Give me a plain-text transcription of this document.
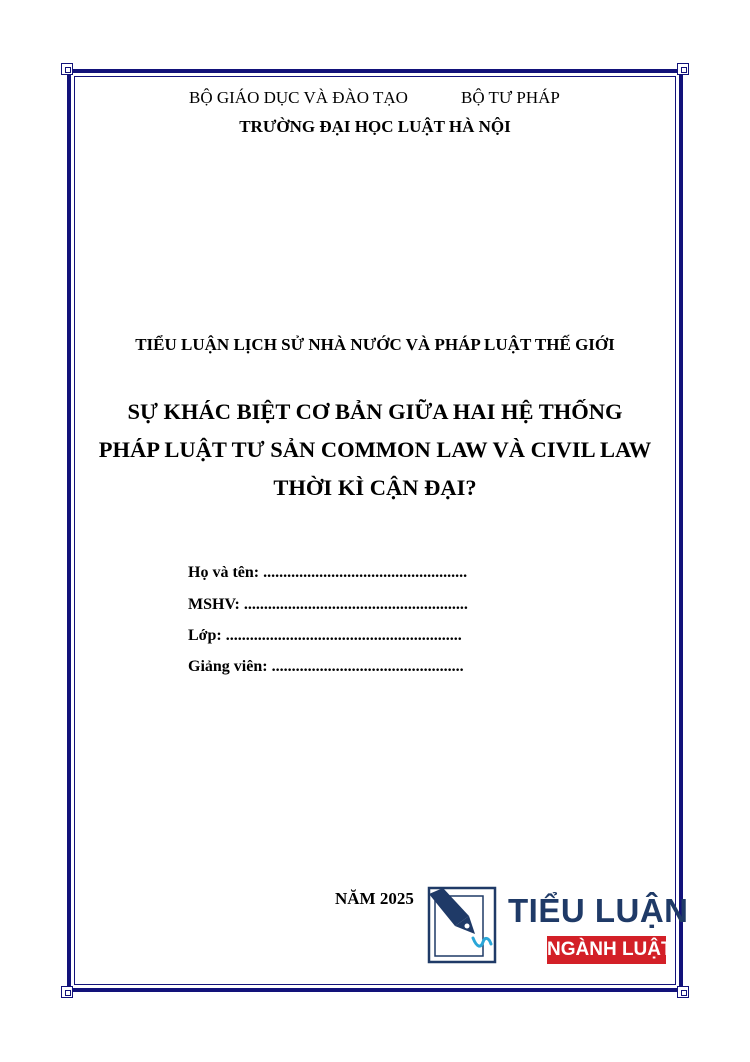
BỘ GIÁO DỤC VÀ ĐÀO TẠO	BỘ TƯ PHÁP
TRƯỜNG ĐẠI HỌC LUẬT HÀ NỘI
TIỂU LUẬN LỊCH SỬ NHÀ NƯỚC VÀ PHÁP LUẬT THẾ GIỚI
SỰ KHÁC BIỆT CƠ BẢN GIỮA HAI HỆ THỐNG
PHÁP LUẬT TƯ SẢN COMMON LAW VÀ CIVIL LAW
THỜI KÌ CẬN ĐẠI?
Họ và tên: ...................................................
MSHV: ........................................................
Lớp: ...........................................................
Giảng viên: ................................................
NĂM 2025	TIỂU LUẬN
NGÀNH LUẬT
